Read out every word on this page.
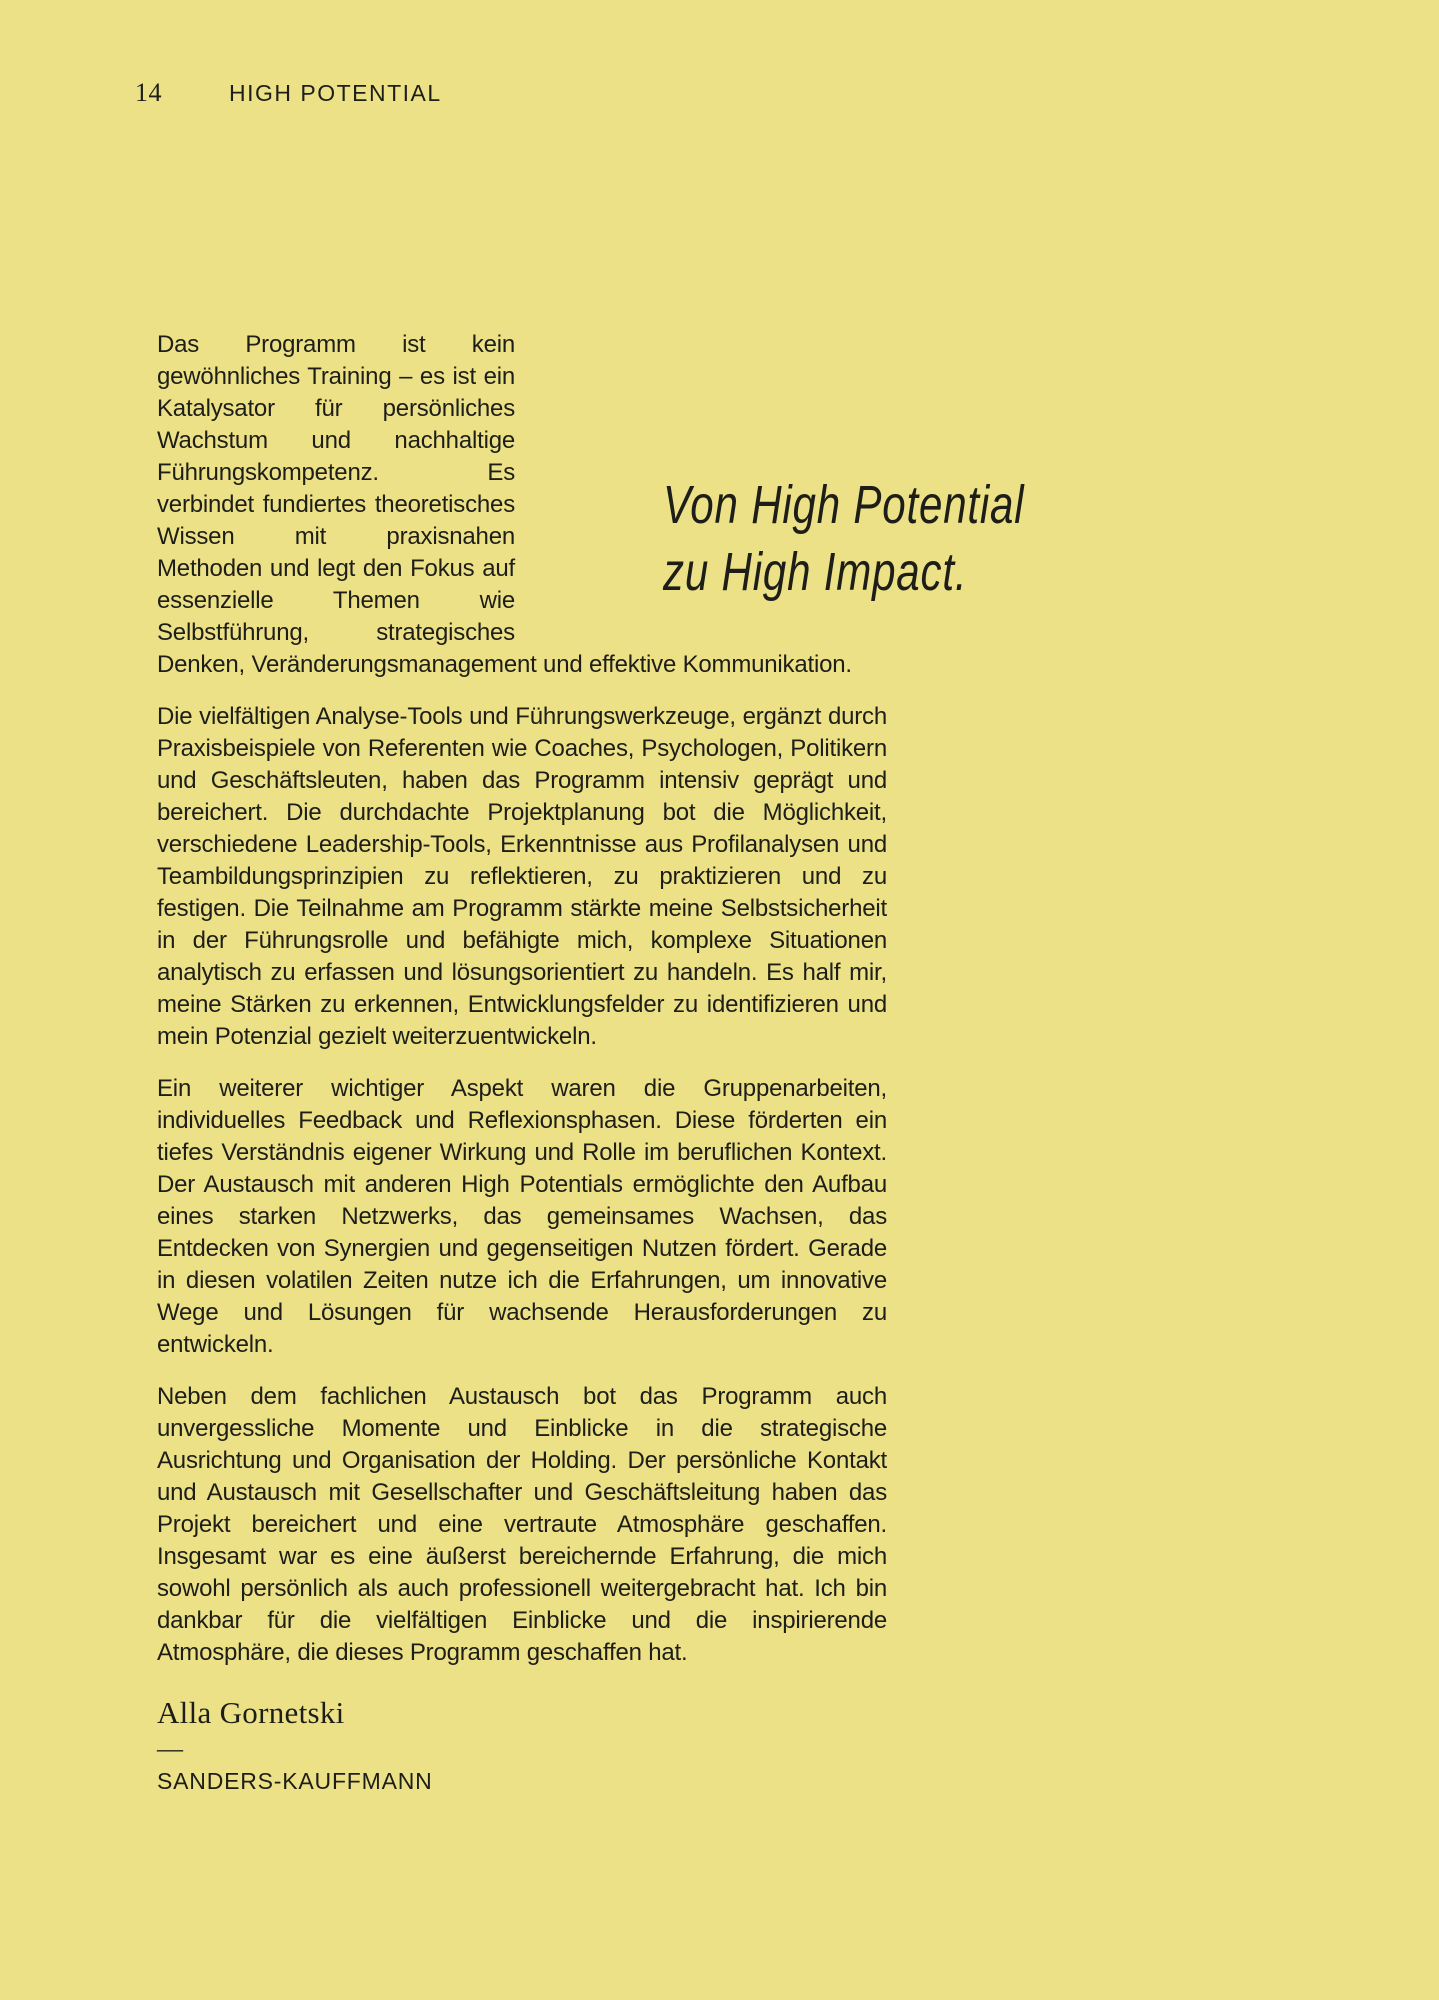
14	HIGH POTENTIAL
Von High Potential
zu High Impact.

Das Programm ist kein gewöhnliches Training – es ist ein Katalysator für persönliches Wachstum und nachhaltige Führungskompetenz. Es verbindet fundiertes theoretisches Wissen mit praxisnahen Methoden und legt den Fokus auf essenzielle Themen wie Selbstführung, strategisches Denken, Veränderungsmanagement und effektive Kommunikation.

Die vielfältigen Analyse-Tools und Führungswerkzeuge, ergänzt durch Praxisbeispiele von Referenten wie Coaches, Psychologen, Politikern und Geschäftsleuten, haben das Programm intensiv geprägt und bereichert. Die durchdachte Projektplanung bot die Möglichkeit, verschiedene Leadership-Tools, Erkenntnisse aus Profilanalysen und Teambildungsprinzipien zu reflektieren, zu praktizieren und zu festigen. Die Teilnahme am Programm stärkte meine Selbstsicherheit in der Führungsrolle und befähigte mich, komplexe Situationen analytisch zu erfassen und lösungsorientiert zu handeln. Es half mir, meine Stärken zu erkennen, Entwicklungsfelder zu identifizieren und mein Potenzial gezielt weiterzuentwickeln.

Ein weiterer wichtiger Aspekt waren die Gruppenarbeiten, individuelles Feedback und Reflexionsphasen. Diese förderten ein tiefes Verständnis eigener Wirkung und Rolle im beruflichen Kontext. Der Austausch mit anderen High Potentials ermöglichte den Aufbau eines starken Netzwerks, das gemeinsames Wachsen, das Entdecken von Synergien und gegenseitigen Nutzen fördert. Gerade in diesen volatilen Zeiten nutze ich die Erfahrungen, um innovative Wege und Lösungen für wachsende Herausforderungen zu entwickeln.

Neben dem fachlichen Austausch bot das Programm auch unvergessliche Momente und Einblicke in die strategische Ausrichtung und Organisation der Holding. Der persönliche Kontakt und Austausch mit Gesellschafter und Geschäftsleitung haben das Projekt bereichert und eine vertraute Atmosphäre geschaffen. Insgesamt war es eine äußerst bereichernde Erfahrung, die mich sowohl persönlich als auch professionell weitergebracht hat. Ich bin dankbar für die vielfältigen Einblicke und die inspirierende Atmosphäre, die dieses Programm geschaffen hat.

Alla Gornetski
—
SANDERS-KAUFFMANN
